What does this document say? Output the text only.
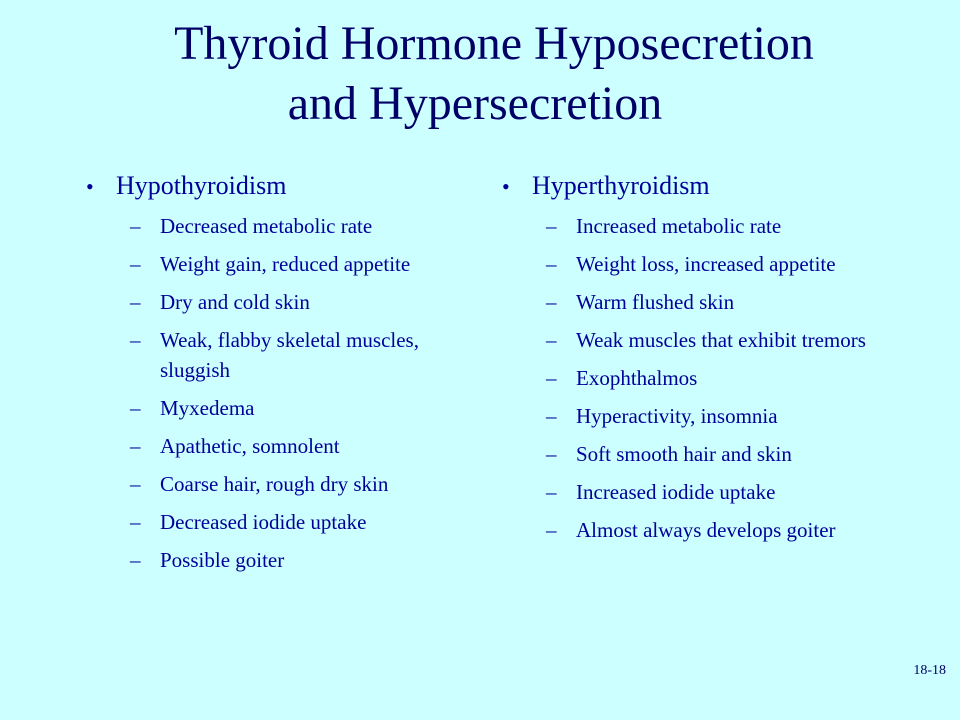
Thyroid Hormone Hyposecretion
and Hypersecretion
• Hypothyroidism
– Decreased metabolic rate
– Weight gain, reduced appetite
– Dry and cold skin
– Weak, flabby skeletal muscles, sluggish
– Myxedema
– Apathetic, somnolent
– Coarse hair, rough dry skin
– Decreased iodide uptake
– Possible goiter
• Hyperthyroidism
– Increased metabolic rate
– Weight loss, increased appetite
– Warm flushed skin
– Weak muscles that exhibit tremors
– Exophthalmos
– Hyperactivity, insomnia
– Soft smooth hair and skin
– Increased iodide uptake
– Almost always develops goiter
18-18
